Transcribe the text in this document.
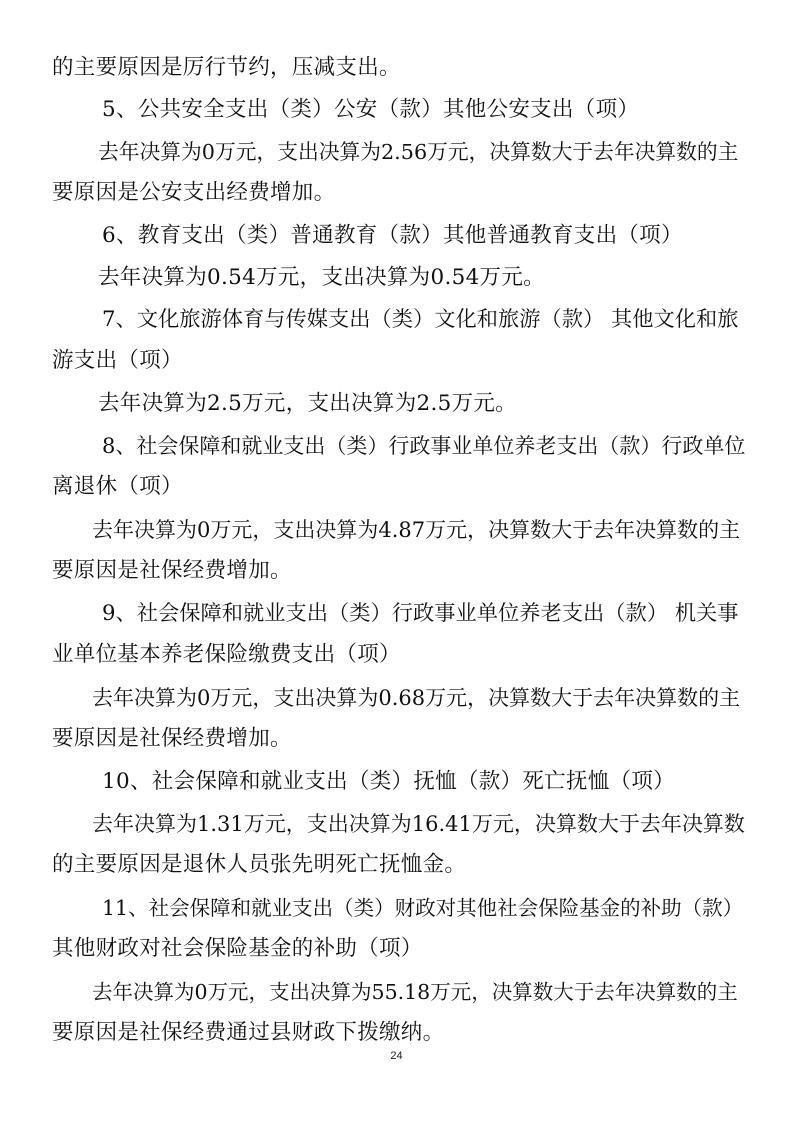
的主要原因是厉行节约，压减支出。
5、公共安全支出（类）公安（款）其他公安支出（项）
去年决算为0万元，支出决算为2.56万元，决算数大于去年决算数的主
要原因是公安支出经费增加。
6、教育支出（类）普通教育（款）其他普通教育支出（项）
去年决算为0.54万元，支出决算为0.54万元。
7、文化旅游体育与传媒支出（类）文化和旅游（款） 其他文化和旅
游支出（项）
去年决算为2.5万元，支出决算为2.5万元。
8、社会保障和就业支出（类）行政事业单位养老支出（款）行政单位
离退休（项）
去年决算为0万元，支出决算为4.87万元，决算数大于去年决算数的主
要原因是社保经费增加。
9、社会保障和就业支出（类）行政事业单位养老支出（款） 机关事
业单位基本养老保险缴费支出（项）
去年决算为0万元，支出决算为0.68万元，决算数大于去年决算数的主
要原因是社保经费增加。
10、社会保障和就业支出（类）抚恤（款）死亡抚恤（项）
去年决算为1.31万元，支出决算为16.41万元，决算数大于去年决算数
的主要原因是退休人员张先明死亡抚恤金。
11、社会保障和就业支出（类）财政对其他社会保险基金的补助（款）
其他财政对社会保险基金的补助（项）
去年决算为0万元，支出决算为55.18万元，决算数大于去年决算数的主
要原因是社保经费通过县财政下拨缴纳。
24
